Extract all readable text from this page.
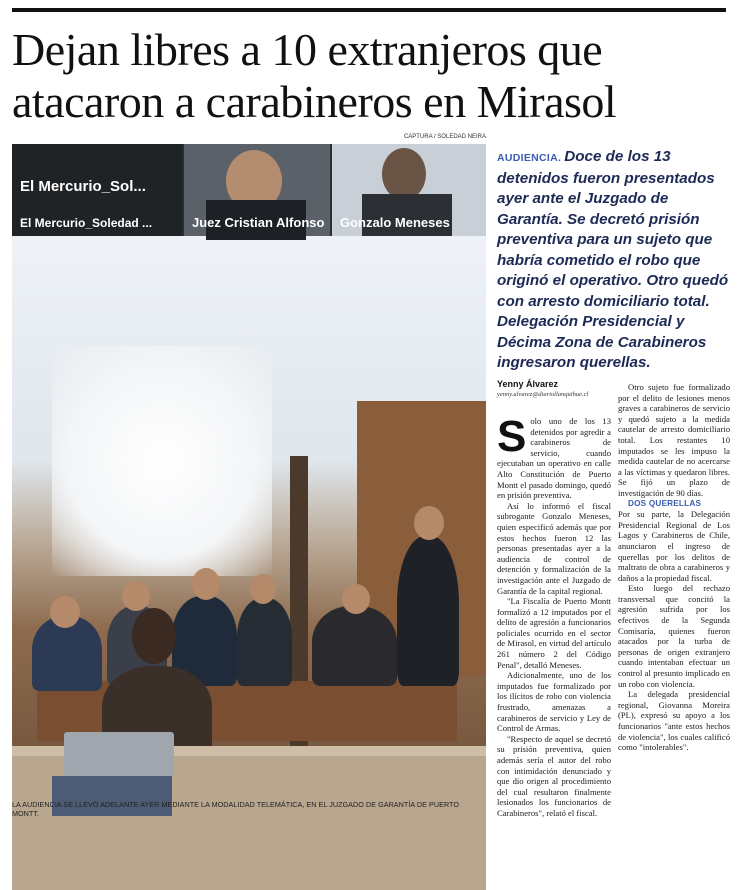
Dejan libres a 10 extranjeros que atacaron a carabineros en Mirasol
CAPTURA / SOLEDAD NEIRA
El Mercurio_Sol...
El Mercurio_Soledad ...	Juez Cristian Alfonso Gonzalo Meneses
LA AUDIENCIA SE LLEVÓ ADELANTE AYER MEDIANTE LA MODALIDAD TELEMÁTICA, EN EL JUZGADO DE GARANTÍA DE PUERTO MONTT.

AUDIENCIA. Doce de los 13 detenidos fueron presentados ayer ante el Juzgado de Garantía. Se decretó prisión preventiva para un sujeto que habría cometido el robo que originó el operativo. Otro quedó con arresto domiciliario total. Delegación Presidencial y Décima Zona de Carabineros ingresaron querellas.

Yenny Álvarez
yenny.alvarez@diariollanquihue.cl

Solo uno de los 13 detenidos por agredir a carabineros de servicio, cuando ejecutaban un operativo en calle Alto Constitución de Puerto Montt el pasado domingo, quedó en prisión preventiva.

Así lo informó el fiscal subrogante Gonzalo Meneses, quien especificó además que por estos hechos fueron 12 las personas presentadas ayer a la audiencia de control de detención y formalización de la investigación ante el Juzgado de Garantía de la capital regional.

"La Fiscalía de Puerto Montt formalizó a 12 imputados por el delito de agresión a funcionarios policiales ocurrido en el sector de Mirasol, en virtud del artículo 261 número 2 del Código Penal", detalló Meneses.

Adicionalmente, uno de los imputados fue formalizado por los ilícitos de robo con violencia frustrado, amenazas a carabineros de servicio y Ley de Control de Armas.

"Respecto de aquel se decretó su prisión preventiva, quien además sería el autor del robo con intimidación denunciado y que dio origen al procedimiento del cual resultaron finalmente lesionados los funcionarios de Carabineros", relató el fiscal.

Otro sujeto fue formalizado por el delito de lesiones menos graves a carabineros de servicio y quedó sujeto a la medida cautelar de arresto domiciliario total. Los restantes 10 imputados se les impuso la medida cautelar de no acercarse a las víctimas y quedaron libres. Se fijó un plazo de investigación de 90 días.

DOS QUERELLAS

Por su parte, la Delegación Presidencial Regional de Los Lagos y Carabineros de Chile, anunciaron el ingreso de querellas por los delitos de maltrato de obra a carabineros y daños a la propiedad fiscal.

Esto luego del rechazo transversal que concitó la agresión sufrida por los efectivos de la Segunda Comisaría, quienes fueron atacados por la turba de personas de origen extranjero cuando intentaban efectuar un control al presunto implicado en un robo con violencia.

La delegada presidencial regional, Giovanna Moreira (PL), expresó su apoyo a los funcionarios "ante estos hechos de violencia", los cuales calificó como "intolerables".
